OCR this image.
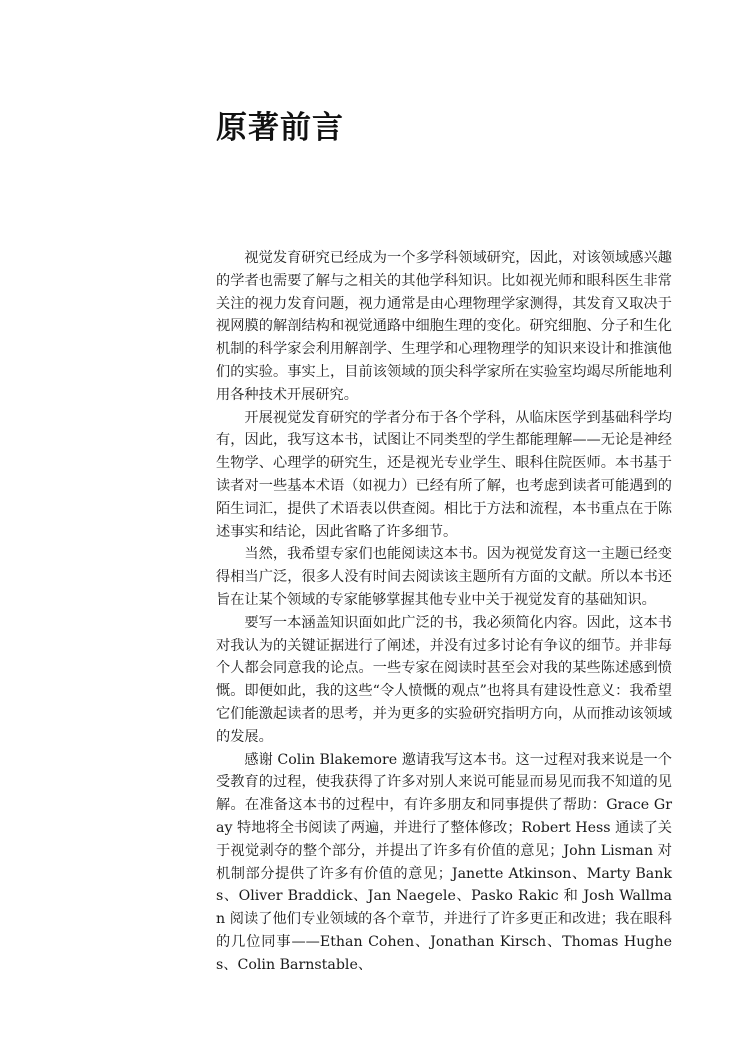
原著前言

视觉发育研究已经成为一个多学科领域研究，因此，对该领域感兴趣的学者也需要了解与之相关的其他学科知识。比如视光师和眼科医生非常关注的视力发育问题，视力通常是由心理物理学家测得，其发育又取决于视网膜的解剖结构和视觉通路中细胞生理的变化。研究细胞、分子和生化机制的科学家会利用解剖学、生理学和心理物理学的知识来设计和推演他们的实验。事实上，目前该领域的顶尖科学家所在实验室均竭尽所能地利用各种技术开展研究。

开展视觉发育研究的学者分布于各个学科，从临床医学到基础科学均有，因此，我写这本书，试图让不同类型的学生都能理解——无论是神经生物学、心理学的研究生，还是视光专业学生、眼科住院医师。本书基于读者对一些基本术语（如视力）已经有所了解，也考虑到读者可能遇到的陌生词汇，提供了术语表以供查阅。相比于方法和流程，本书重点在于陈述事实和结论，因此省略了许多细节。

当然，我希望专家们也能阅读这本书。因为视觉发育这一主题已经变得相当广泛，很多人没有时间去阅读该主题所有方面的文献。所以本书还旨在让某个领域的专家能够掌握其他专业中关于视觉发育的基础知识。

要写一本涵盖知识面如此广泛的书，我必须简化内容。因此，这本书对我认为的关键证据进行了阐述，并没有过多讨论有争议的细节。并非每个人都会同意我的论点。一些专家在阅读时甚至会对我的某些陈述感到愤慨。即便如此，我的这些“令人愤慨的观点”也将具有建设性意义：我希望它们能激起读者的思考，并为更多的实验研究指明方向，从而推动该领域的发展。

感谢 Colin Blakemore 邀请我写这本书。这一过程对我来说是一个受教育的过程，使我获得了许多对别人来说可能显而易见而我不知道的见解。在准备这本书的过程中，有许多朋友和同事提供了帮助：Grace Gray 特地将全书阅读了两遍，并进行了整体修改；Robert Hess 通读了关于视觉剥夺的整个部分，并提出了许多有价值的意见；John Lisman 对机制部分提供了许多有价值的意见；Janette Atkinson、Marty Banks、Oliver Braddick、Jan Naegele、Pasko Rakic 和 Josh Wallman 阅读了他们专业领域的各个章节，并进行了许多更正和改进；我在眼科的几位同事——Ethan Cohen、Jonathan Kirsch、Thomas Hughes、Colin Barnstable、
